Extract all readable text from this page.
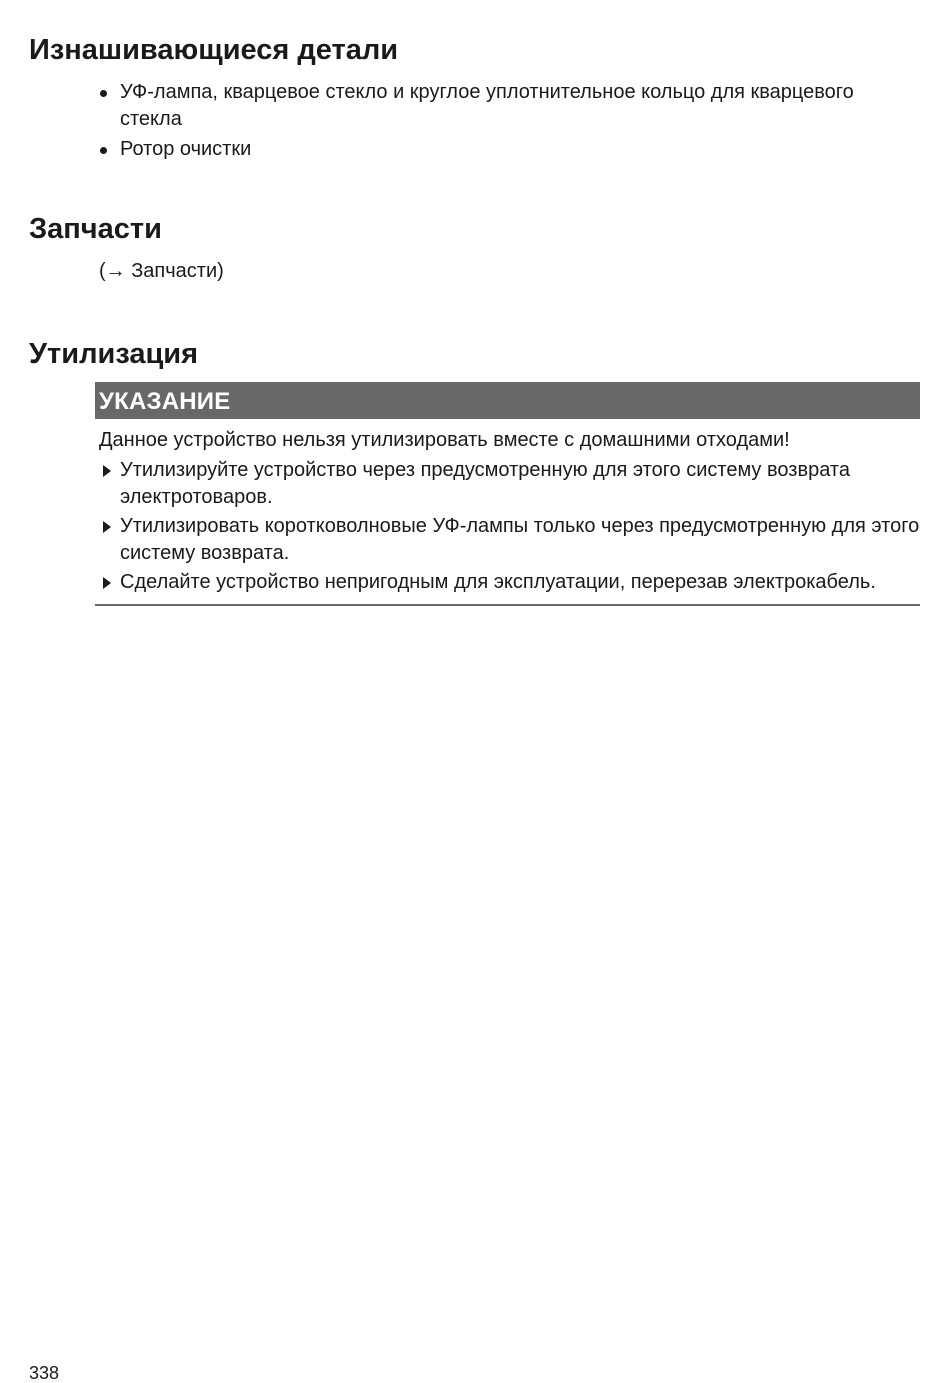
Изнашивающиеся детали
УФ-лампа, кварцевое стекло и круглое уплотнительное кольцо для кварцевого стекла
Ротор очистки
Запчасти
(→ Запчасти)
Утилизация
УКАЗАНИЕ
Данное устройство нельзя утилизировать вместе с домашними отходами!
Утилизируйте устройство через предусмотренную для этого систему возврата электротоваров.
Утилизировать коротковолновые УФ-лампы только через предусмотренную для этого систему возврата.
Сделайте устройство непригодным для эксплуатации, перерезав электрокабель.
338
